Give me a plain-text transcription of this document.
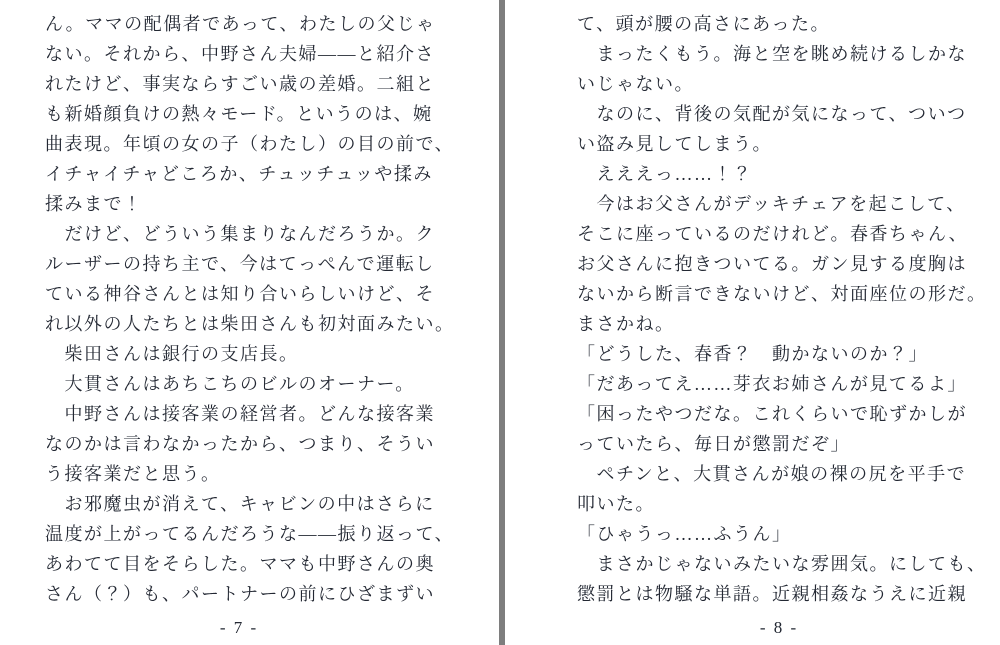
ん。ママの配偶者であって、わたしの父じゃ
ない。それから、中野さん夫婦——と紹介さ
れたけど、事実ならすごい歳の差婚。二組と
も新婚顔負けの熱々モード。というのは、婉
曲表現。年頃の女の子（わたし）の目の前で、
イチャイチャどころか、チュッチュッや揉み
揉みまで！
　だけど、どういう集まりなんだろうか。ク
ルーザーの持ち主で、今はてっぺんで運転し
ている神谷さんとは知り合いらしいけど、そ
れ以外の人たちとは柴田さんも初対面みたい。
　柴田さんは銀行の支店長。
　大貫さんはあちこちのビルのオーナー。
　中野さんは接客業の経営者。どんな接客業
なのかは言わなかったから、つまり、そうい
う接客業だと思う。
　お邪魔虫が消えて、キャビンの中はさらに
温度が上がってるんだろうな——振り返って、
あわてて目をそらした。ママも中野さんの奥
さん（？）も、パートナーの前にひざまずい
- 7 -
て、頭が腰の高さにあった。
　まったくもう。海と空を眺め続けるしかな
いじゃない。
　なのに、背後の気配が気になって、ついつ
い盗み見してしまう。
　えええっ……！？
　今はお父さんがデッキチェアを起こして、
そこに座っているのだけれど。春香ちゃん、
お父さんに抱きついてる。ガン見する度胸は
ないから断言できないけど、対面座位の形だ。
まさかね。
「どうした、春香？　動かないのか？」
「だあってえ……芽衣お姉さんが見てるよ」
「困ったやつだな。これくらいで恥ずかしが
っていたら、毎日が懲罰だぞ」
　ペチンと、大貫さんが娘の裸の尻を平手で
叩いた。
「ひゃうっ……ふうん」
　まさかじゃないみたいな雰囲気。にしても、
懲罰とは物騒な単語。近親相姦なうえに近親
- 8 -
